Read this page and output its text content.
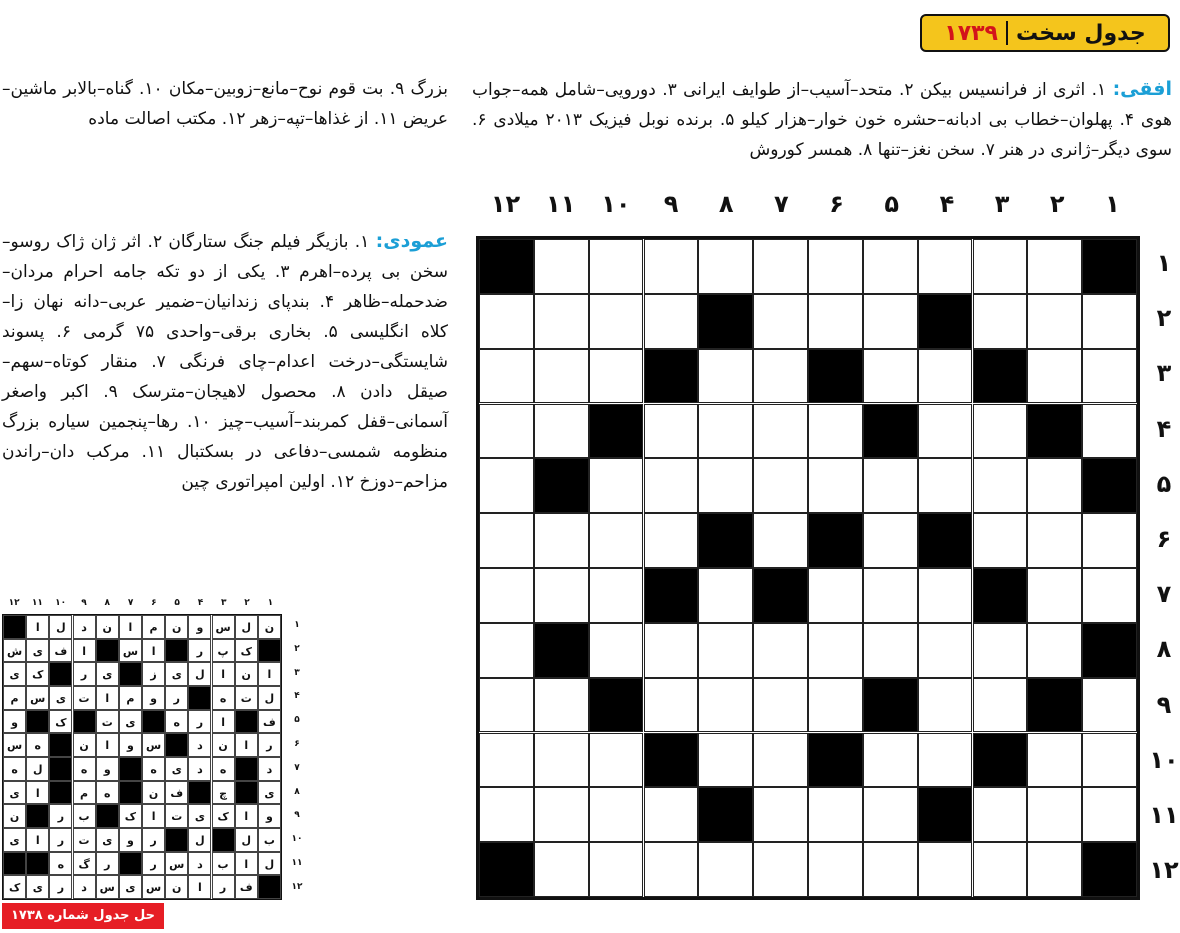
جدول سخت
۱۷۳۹
افقی: ۱. اثری از فرانسیس بیکن ۲. متحد–آسیب–از طوایف ایرانی ۳. دورویی–شامل همه–جواب هوی ۴. پهلوان–خطاب بی ادبانه–حشره خون خوار–هزار کیلو ۵. برنده نوبل فیزیک ۲۰۱۳ میلادی ۶. سوی دیگر–ژانری در هنر ۷. سخن نغز–تنها ۸. همسر کوروش
بزرگ ۹. بت قوم نوح–مانع–زوبین–مکان ۱۰. گناه–بالابر ماشین–عریض ۱۱. از غذاها–تپه–زهر ۱۲. مکتب اصالت ماده
عمودی: ۱. بازیگر فیلم جنگ ستارگان ۲. اثر ژان ژاک روسو–سخن بی پرده–اهرم ۳. یکی از دو تکه جامه احرام مردان–ضدحمله–ظاهر ۴. بندپای زندانیان–ضمیر عربی–دانه نهان زا–کلاه انگلیسی ۵. بخاری برقی–واحدی ۷۵ گرمی ۶. پسوند شایستگی–درخت اعدام–چای فرنگی ۷. منقار کوتاه–سهم–صیقل دادن ۸. محصول لاهیجان–مترسک ۹. اکبر واصغر آسمانی–قفل کمربند–آسیب–چیز ۱۰. رها–پنجمین سیاره بزرگ منظومه شمسی–دفاعی در بسکتبال ۱۱. مرکب دان–راندن مزاحم–دوزخ ۱۲. اولین امپراتوری چین
۱
۲
۳
۴
۵
۶
۷
۸
۹
۱۰
۱۱
۱۲
۱
۲
۳
۴
۵
۶
۷
۸
۹
۱۰
۱۱
۱۲
۱
۲
۳
۴
۵
۶
۷
۸
۹
۱۰
۱۱
۱۲
ن
ل
س
و
ن
م
ا
ن
د
ل
ا
ک
پ
ر
ا
س
ا
ف
ی
ش
ا
ن
ا
ل
ی
ز
ی
ر
ک
ی
ل
ت
ه
ر
و
م
ا
ت
ی
س
م
ف
ا
ر
ه
ی
ت
ک
و
ر
ا
ن
د
س
و
ا
ن
ه
س
د
ه
د
ی
ه
و
ه
ل
ه
ی
چ
ف
ن
ه
م
ا
ی
و
ا
ک
ی
ت
ا
ک
ب
ر
ن
ب
ل
ل
ر
و
ی
ت
ر
ا
ی
ل
ا
ب
د
س
ر
ر
گ
ه
ف
ر
ا
ن
س
ی
س
د
ر
ی
ک
۱
۲
۳
۴
۵
۶
۷
۸
۹
۱۰
۱۱
۱۲
حل جدول شماره ۱۷۳۸
